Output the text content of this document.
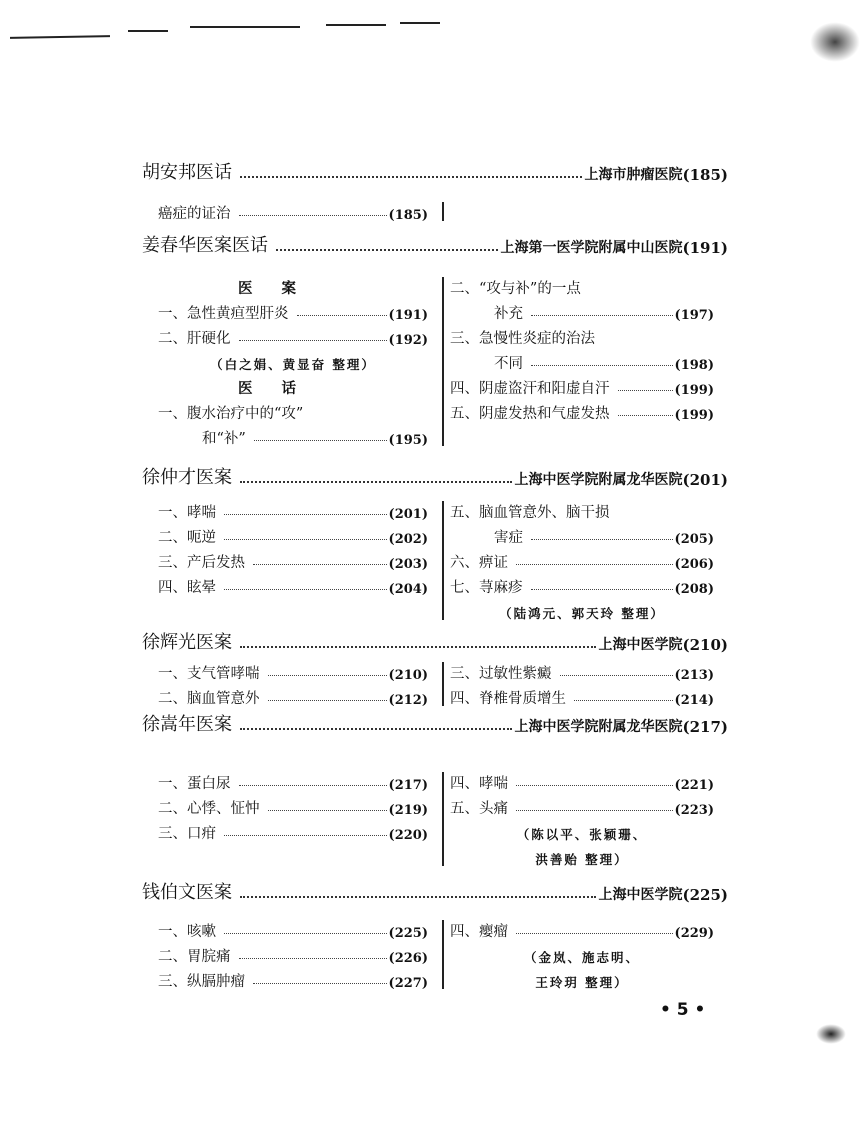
胡安邦医话	上海市肿瘤医院 (185)
癌症的证治	(185)
姜春华医案医话	上海第一医学院附属中山医院 (191)
医 案
一、急性黄疸型肝炎	(191)
二、肝硬化	(192)
（白之娟、黄显奋 整理）
医 话
一、腹水治疗中的“攻”
和“补”	(195)
二、“攻与补”的一点
补充	(197)
三、急慢性炎症的治法
不同	(198)
四、阴虚盗汗和阳虚自汗	(199)
五、阴虚发热和气虚发热	(199)
徐仲才医案	上海中医学院附属龙华医院 (201)
一、哮喘	(201)
二、呃逆	(202)
三、产后发热	(203)
四、眩晕	(204)
五、脑血管意外、脑干损
害症	(205)
六、痹证	(206)
七、荨麻疹	(208)
（陆鸿元、郭天玲 整理）
徐辉光医案	上海中医学院 (210)
一、支气管哮喘	(210)
二、脑血管意外	(212)
三、过敏性紫癜	(213)
四、脊椎骨质增生	(214)
徐嵩年医案	上海中医学院附属龙华医院 (217)
一、蛋白尿	(217)
二、心悸、怔忡	(219)
三、口疳	(220)
四、哮喘	(221)
五、头痛	(223)
（陈以平、张颖珊、
洪善贻 整理）
钱伯文医案	上海中医学院 (225)
一、咳嗽	(225)
二、胃脘痛	(226)
三、纵膈肿瘤	(227)
四、瘿瘤	(229)
（金岚、施志明、
王玲玥 整理）
• 5 •
